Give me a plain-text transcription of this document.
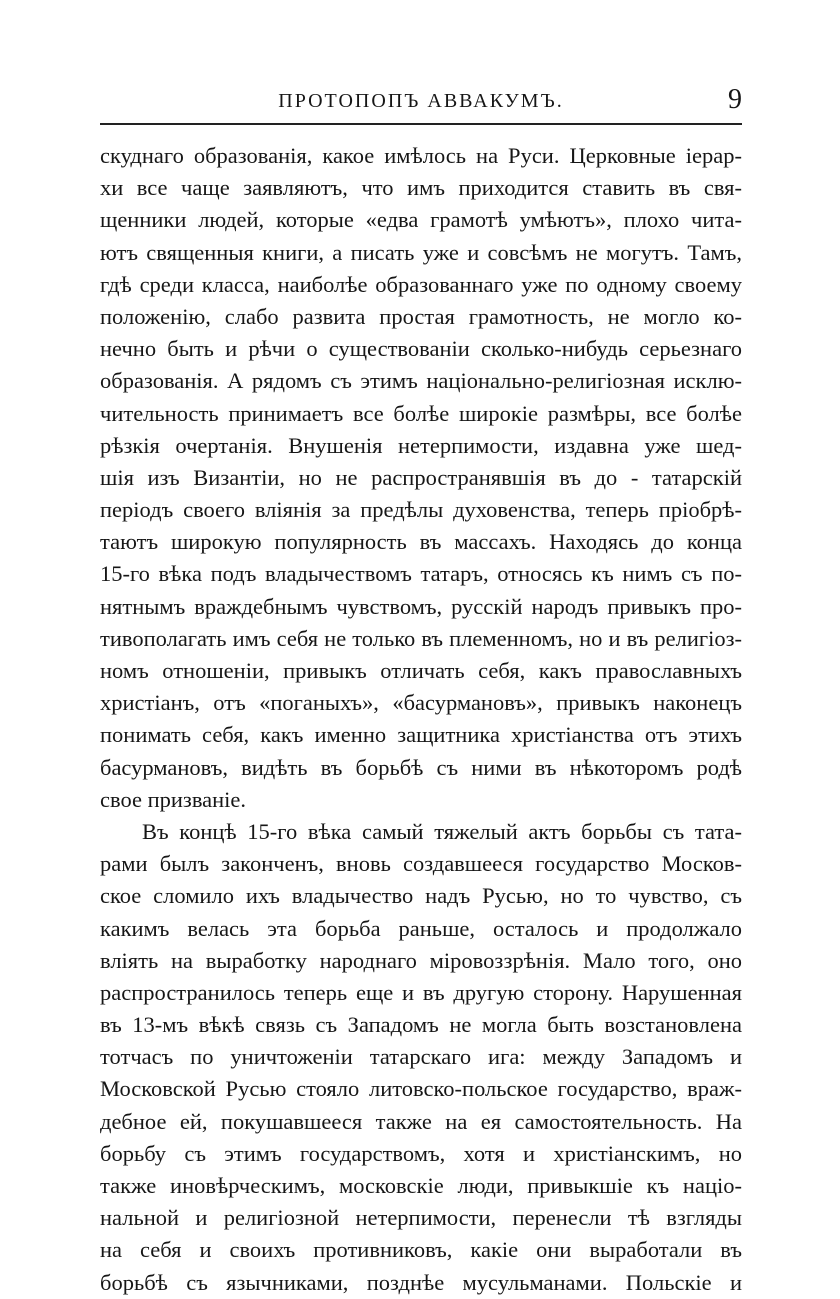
ПРОТОПОПЪ АВВАКУМЪ.	9
скуднаго образованія, какое имѣлось на Руси. Церковные іерар-
хи все чаще заявляютъ, что имъ приходится ставить въ свя-
щенники людей, которые «едва грамотѣ умѣютъ», плохо чита-
ютъ священныя книги, а писать уже и совсѣмъ не могутъ. Тамъ,
гдѣ среди класса, наиболѣе образованнаго уже по одному своему
положенію, слабо развита простая грамотность, не могло ко-
нечно быть и рѣчи о существованіи сколько-нибудь серьезнаго
образованія. А рядомъ съ этимъ національно-религіозная исклю-
чительность принимаетъ все болѣе широкіе размѣры, все болѣе
рѣзкія очертанія. Внушенія нетерпимости, издавна уже шед-
шія изъ Византіи, но не распространявшія въ до - татарскій
періодъ своего вліянія за предѣлы духовенства, теперь пріобрѣ-
таютъ широкую популярность въ массахъ. Находясь до конца
15-го вѣка подъ владычествомъ татаръ, относясь къ нимъ съ по-
нятнымъ враждебнымъ чувствомъ, русскій народъ привыкъ про-
тивополагать имъ себя не только въ племенномъ, но и въ религіоз-
номъ отношеніи, привыкъ отличать себя, какъ православныхъ
христіанъ, отъ «поганыхъ», «басурмановъ», привыкъ наконецъ
понимать себя, какъ именно защитника христіанства отъ этихъ
басурмановъ, видѣть въ борьбѣ съ ними въ нѣкоторомъ родѣ
свое призваніе.
Въ концѣ 15-го вѣка самый тяжелый актъ борьбы съ тата-
рами былъ законченъ, вновь создавшееся государство Москов-
ское сломило ихъ владычество надъ Русью, но то чувство, съ
какимъ велась эта борьба раньше, осталось и продолжало
вліять на выработку народнаго міровоззрѣнія. Мало того, оно
распространилось теперь еще и въ другую сторону. Нарушенная
въ 13-мъ вѣкѣ связь съ Западомъ не могла быть возстановлена
тотчасъ по уничтоженіи татарскаго ига: между Западомъ и
Московской Русью стояло литовско-польское государство, враж-
дебное ей, покушавшееся также на ея самостоятельность. На
борьбу съ этимъ государствомъ, хотя и христіанскимъ, но
также иновѣрческимъ, московскіе люди, привыкшіе къ націо-
нальной и религіозной нетерпимости, перенесли тѣ взгляды
на себя и своихъ противниковъ, какіе они выработали въ
борьбѣ съ язычниками, позднѣе мусульманами. Польскіе и
